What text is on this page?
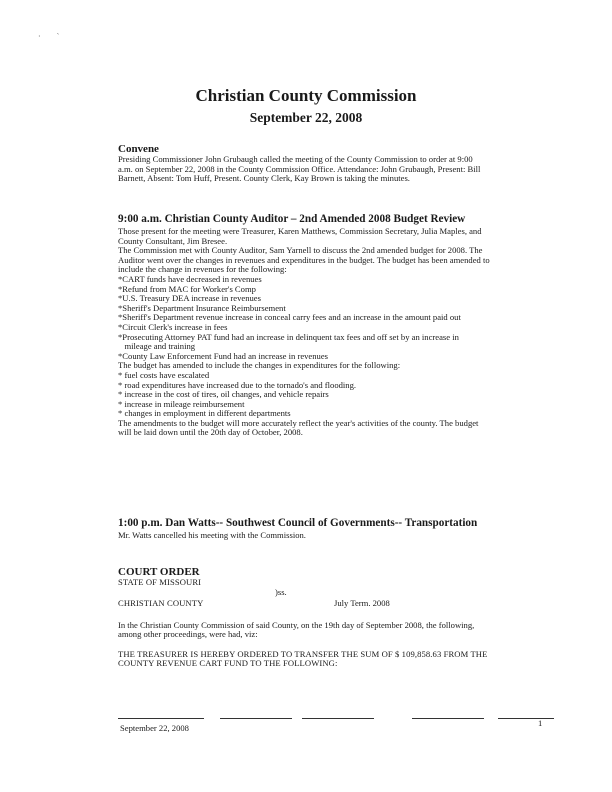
·        `
Christian County Commission
September 22, 2008

Convene

Presiding Commissioner John Grubaugh called the meeting of the County Commission to order at 9:00

a.m. on September 22, 2008 in the County Commission Office. Attendance: John Grubaugh, Present: Bill

Barnett, Absent: Tom Huff, Present. County Clerk, Kay Brown is taking the minutes.

9:00 a.m. Christian County Auditor – 2nd Amended 2008 Budget Review

Those present for the meeting were Treasurer, Karen Matthews, Commission Secretary, Julia Maples, and

County Consultant, Jim Bresee.

The Commission met with County Auditor, Sam Yarnell to discuss the 2nd amended budget for 2008. The

Auditor went over the changes in revenues and expenditures in the budget. The budget has been amended to

include the change in revenues for the following:

*CART funds have decreased in revenues

*Refund from MAC for Worker's Comp

*U.S. Treasury DEA increase in revenues

*Sheriff's Department Insurance Reimbursement

*Sheriff's Department revenue increase in conceal carry fees and an increase in the amount paid out

*Circuit Clerk's increase in fees

*Prosecuting Attorney PAT fund had an increase in delinquent tax fees and off set by an increase in

mileage and training

*County Law Enforcement Fund had an increase in revenues

The budget has amended to include the changes in expenditures for the following:

* fuel costs have escalated

* road expenditures have increased due to the tornado's and flooding.

* increase in the cost of tires, oil changes, and vehicle repairs

* increase in mileage reimbursement

* changes in employment in different departments

The amendments to the budget will more accurately reflect the year's activities of the county. The budget

will be laid down until the 20th day of October, 2008.

1:00 p.m. Dan Watts-- Southwest Council of Governments-- Transportation

Mr. Watts cancelled his meeting with the Commission.

COURT ORDER

STATE OF MISSOURI

)ss.
CHRISTIAN COUNTY	July Term. 2008

In the Christian County Commission of said County, on the 19th day of September 2008, the following,

among other proceedings, were had, viz:

THE TREASURER IS HEREBY ORDERED TO TRANSFER THE SUM OF $ 109,858.63 FROM THE

COUNTY REVENUE CART FUND TO THE FOLLOWING:

September 22, 2008	1
